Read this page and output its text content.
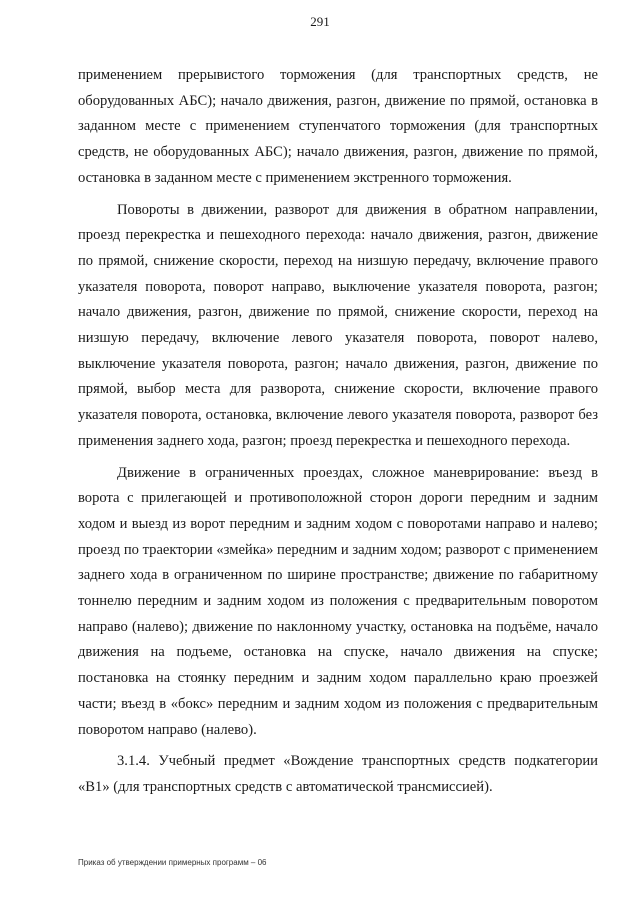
291

применением прерывистого торможения (для транспортных средств, не оборудованных АБС); начало движения, разгон, движение по прямой, остановка в заданном месте с применением ступенчатого торможения (для транспортных средств, не оборудованных АБС); начало движения, разгон, движение по прямой, остановка в заданном месте с применением экстренного торможения.

Повороты в движении, разворот для движения в обратном направлении, проезд перекрестка и пешеходного перехода: начало движения, разгон, движение по прямой, снижение скорости, переход на низшую передачу, включение правого указателя поворота, поворот направо, выключение указателя поворота, разгон; начало движения, разгон, движение по прямой, снижение скорости, переход на низшую передачу, включение левого указателя поворота, поворот налево, выключение указателя поворота, разгон; начало движения, разгон, движение по прямой, выбор места для разворота, снижение скорости, включение правого указателя поворота, остановка, включение левого указателя поворота, разворот без применения заднего хода, разгон; проезд перекрестка и пешеходного перехода.

Движение в ограниченных проездах, сложное маневрирование: въезд в ворота с прилегающей и противоположной сторон дороги передним и задним ходом и выезд из ворот передним и задним ходом с поворотами направо и налево; проезд по траектории «змейка» передним и задним ходом; разворот с применением заднего хода в ограниченном по ширине пространстве; движение по габаритному тоннелю передним и задним ходом из положения с предварительным поворотом направо (налево); движение по наклонному участку, остановка на подъёме, начало движения на подъеме, остановка на спуске, начало движения на спуске; постановка на стоянку передним и задним ходом параллельно краю проезжей части; въезд в «бокс» передним и задним ходом из положения с предварительным поворотом направо (налево).

3.1.4. Учебный предмет «Вождение транспортных средств подкатегории «B1» (для транспортных средств с автоматической трансмиссией).

Приказ об утверждении примерных программ – 06
